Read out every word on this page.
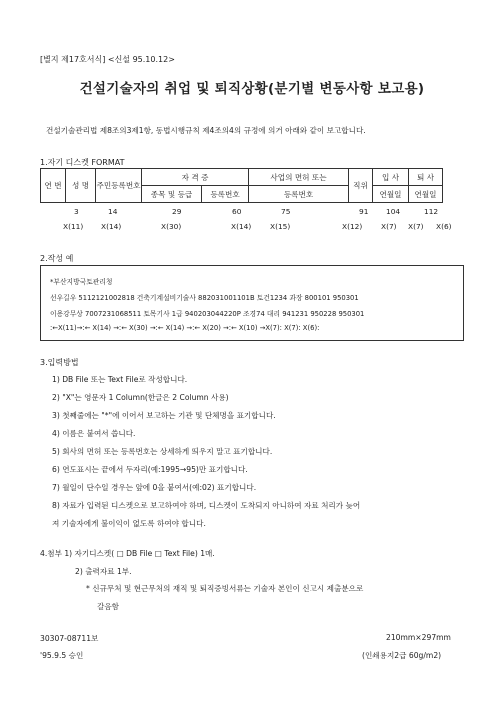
[별지 제17호서식] <신설 95.10.12>
건설기술자의 취업 및 퇴직상황(분기별 변동사항 보고용)
건설기술관리법 제8조의3제1항, 동법시행규칙 제4조의4의 규정에 의거 아래와 같이 보고합니다.
1.자기 디스켓 FORMAT
연 번	성 명	주민등록번호	자 격 증		사업의 면허 또는	직위	입 사	퇴 사
			종목 및 등급	등록번호	등록번호		연월일	연월일
3	14	29	60	75	91 104	112
X(11) X(14)	X(30)	X(14)	X(15)	X(12)	X(7) X(7) X(6)
2.작성 예
*부산지방국토관리청
선우길우 5112121002818 건축기계설비기술사 882031001101B 토건1234 과장 800101 950301
이용강무상 7007231068511 토목기사 1급 940203044220P 조경74 대리 941231 950228 950301
:←X(11)→:← X(14) →:← X(30) →:← X(14) →:← X(20) →:← X(10) →X(7): X(7): X(6):
3.입력방법
1) DB File 또는 Text File로 작성합니다.
2) "X"는 영문자 1 Column(한글은 2 Column 사용)
3) 첫째줄에는 "*"에 이어서 보고하는 기관 및 단체명을 표기합니다.
4) 이름은 붙여서 씁니다.
5) 회사의 면허 또는 등록번호는 상세하게 띄우지 말고 표기합니다.
6) 연도표시는 끝에서 두자리(예:1995→95)만 표기합니다.
7) 월일이 단수일 경우는 앞에 0을 붙여서(예:02) 표기합니다.
8) 자료가 입력된 디스켓으로 보고하여야 하며, 디스켓이 도착되지 아니하여 자료 처리가 늦어
져 기술자에게 불이익이 없도록 하여야 합니다.
4.첨부 1) 자기디스켓( □ DB File □ Text File) 1매.
2) 출력자료 1부.
* 신규무처 및 현근무처의 재직 및 퇴직증빙서류는 기술자 본인이 신고시 제출분으로
갈음함
30307-08711보
'95.9.5 승인
210mm×297mm
(인쇄용지2급 60g/m2)
